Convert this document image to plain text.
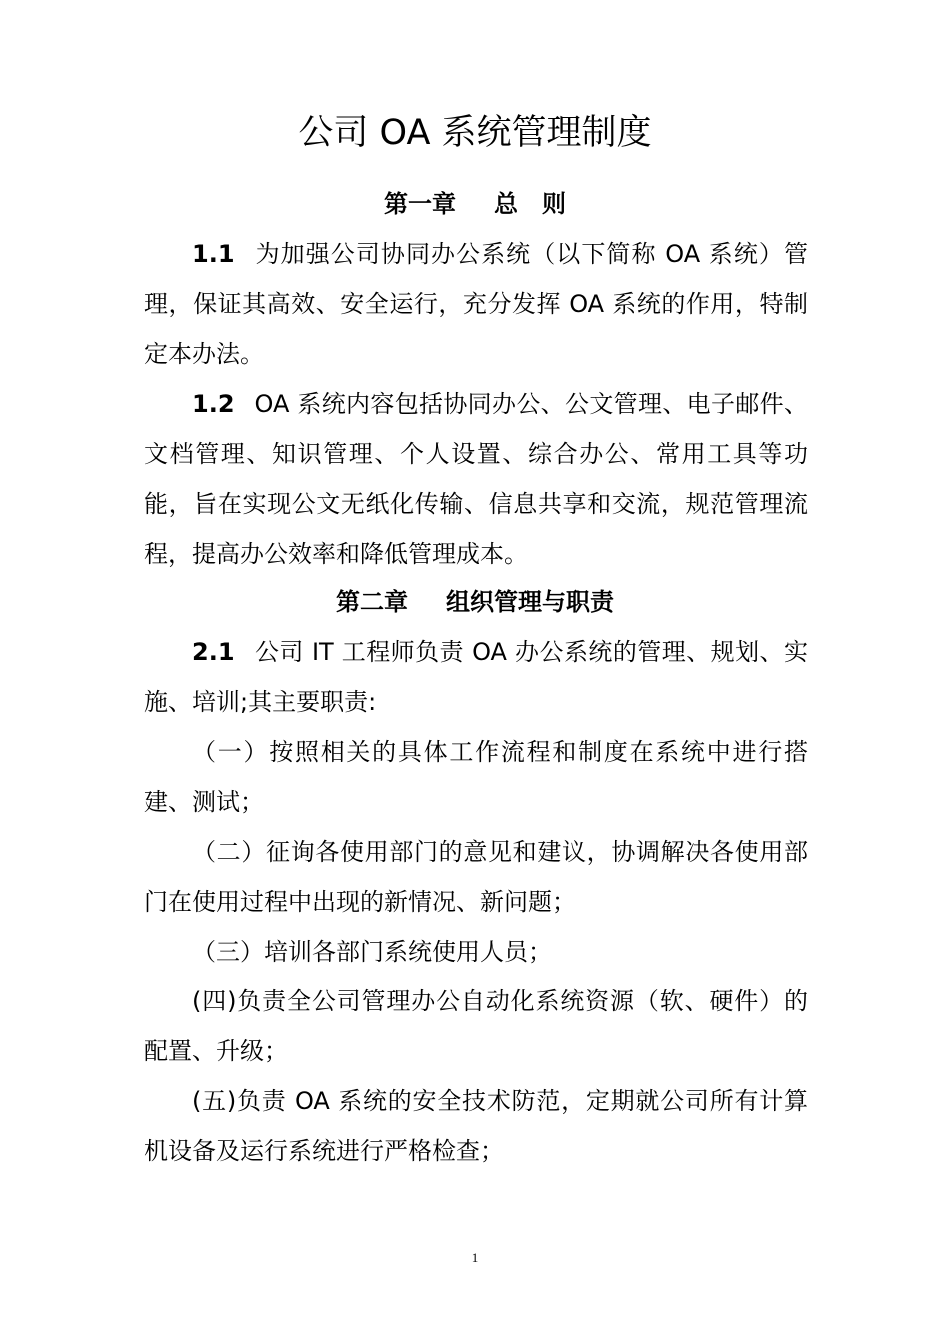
公司 OA 系统管理制度
第一章 总　则
1.1 为加强公司协同办公系统（以下简称 OA 系统）管理，保证其高效、安全运行，充分发挥 OA 系统的作用，特制定本办法。
1.2 OA 系统内容包括协同办公、公文管理、电子邮件、文档管理、知识管理、个人设置、综合办公、常用工具等功能，旨在实现公文无纸化传输、信息共享和交流，规范管理流程，提高办公效率和降低管理成本。
第二章 组织管理与职责
2.1 公司 IT 工程师负责 OA 办公系统的管理、规划、实施、培训;其主要职责:
（一）按照相关的具体工作流程和制度在系统中进行搭建、测试；
（二）征询各使用部门的意见和建议，协调解决各使用部门在使用过程中出现的新情况、新问题；
（三）培训各部门系统使用人员；
(四)负责全公司管理办公自动化系统资源（软、硬件）的配置、升级；
(五)负责 OA 系统的安全技术防范，定期就公司所有计算机设备及运行系统进行严格检查；
1
